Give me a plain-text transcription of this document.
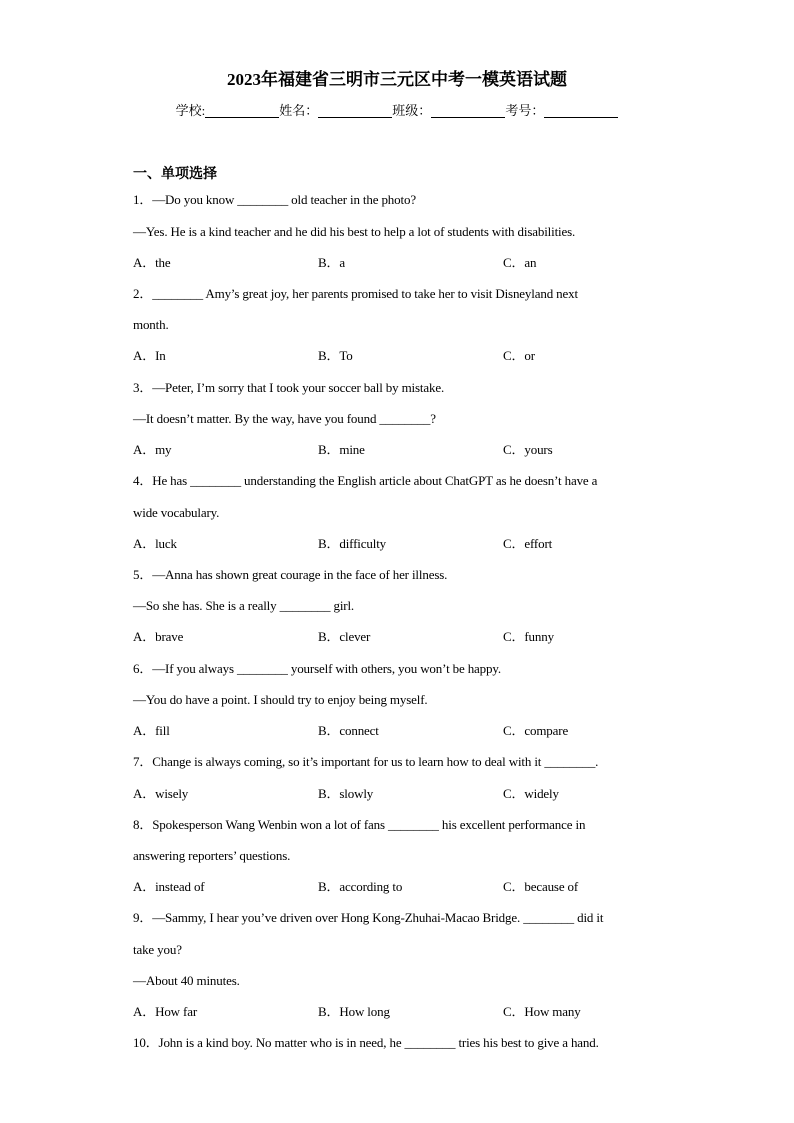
2023年福建省三明市三元区中考一模英语试题
学校:	姓名：	班级：	考号：
一、单项选择
1．—Do you know ________ old teacher in the photo?
—Yes. He is a kind teacher and he did his best to help a lot of students with disabilities.
A．the	B．a	C．an
2．________ Amy’s great joy, her parents promised to take her to visit Disneyland next
month.
A．In	B．To	C．or
3．—Peter, I’m sorry that I took your soccer ball by mistake.
—It doesn’t matter. By the way, have you found ________?
A．my	B．mine	C．yours
4．He has ________ understanding the English article about ChatGPT as he doesn’t have a
wide vocabulary.
A．luck	B．difficulty	C．effort
5．—Anna has shown great courage in the face of her illness.
—So she has. She is a really ________ girl.
A．brave	B．clever	C．funny
6．—If you always ________ yourself with others, you won’t be happy.
—You do have a point. I should try to enjoy being myself.
A．fill	B．connect	C．compare
7．Change is always coming, so it’s important for us to learn how to deal with it ________.
A．wisely	B．slowly	C．widely
8．Spokesperson Wang Wenbin won a lot of fans ________ his excellent performance in
answering reporters’ questions.
A．instead of	B．according to	C．because of
9．—Sammy, I hear you’ve driven over Hong Kong-Zhuhai-Macao Bridge. ________ did it
take you?
—About 40 minutes.
A．How far	B．How long	C．How many
10．John is a kind boy. No matter who is in need, he ________ tries his best to give a hand.
